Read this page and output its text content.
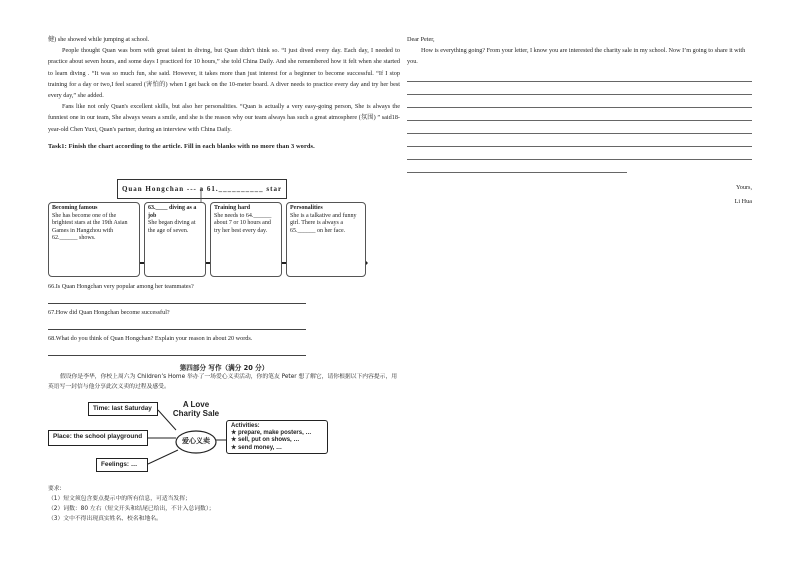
健) she showed while jumping at school.

People thought Quan was born with great talent in diving, but Quan didn’t think so. “I just dived every day. Each day, I needed to practice about seven hours, and some days I practiced for 10 hours,” she told China Daily. And she remembered how it felt when she started to learn diving . “It was so much fun, she said. However, it takes more than just interest for a beginner to become successful. “If I stop training for a day or two,I feel scared (害怕的) when I get back on the 10-meter board. A diver needs to practice every day and try her best every day,” she added.

Fans like not only Quan's excellent skills, but also her personalities. “Quan is actually a very easy-going person, She is always the funniest one in our team, She always wears a smile, and she is the reason why our team always has such a great atmosphere (氛围) ” said18-year-old Chen Yuxi, Quan's partner, during an interview with China Daily.

Task1: Finish the chart according to the article. Fill in each blanks with no more than 3 words.

Quan Hongchan --- a 61.__________ star
Becoming famous
She has become one of the brightest stars at the 19th Asian Games in Hangzhou with 62.______ shows.
63.____ diving as a job
She began diving at the age of seven.
Training hard
She needs to 64.______ about 7 or 10 hours and try her best every day.
Personalities
She is a talkative and funny girl. There is always a 65.______ on her face.

66.Is Quan Hongchan very popular among her teammates?

67.How did Quan Hongchan become successful?

68.What do you think of Quan Hongchan? Explain your reason in about 20 words.

第四部分 写作（满分 20 分）

假设你是李华，你校上周六为 Children’s Home 举办了一场爱心义卖活动，你的笔友 Peter 想了解它，请你根据以下内容提示，用英语写一封信与他分享此次义卖的过程及感受。

Time: last Saturday	A Love
Charity Sale
Place: the school playground
爱心义卖
Activities:
★ prepare, make posters, …
★ sell, put on shows, …
★ send money, …
Feelings: …

要求:

（1）短文须包含要点提示中的所有信息，可适当发挥；

（2）词数：80 左右（短文开头和结尾已给出，不计入总词数）；

（3）文中不得出现真实姓名、校名和地名。

Dear Peter,

How is everything going? From your letter, I know you are interested the charity sale in my school. Now I’m going to share it with you.

Yours,

Li Hua
